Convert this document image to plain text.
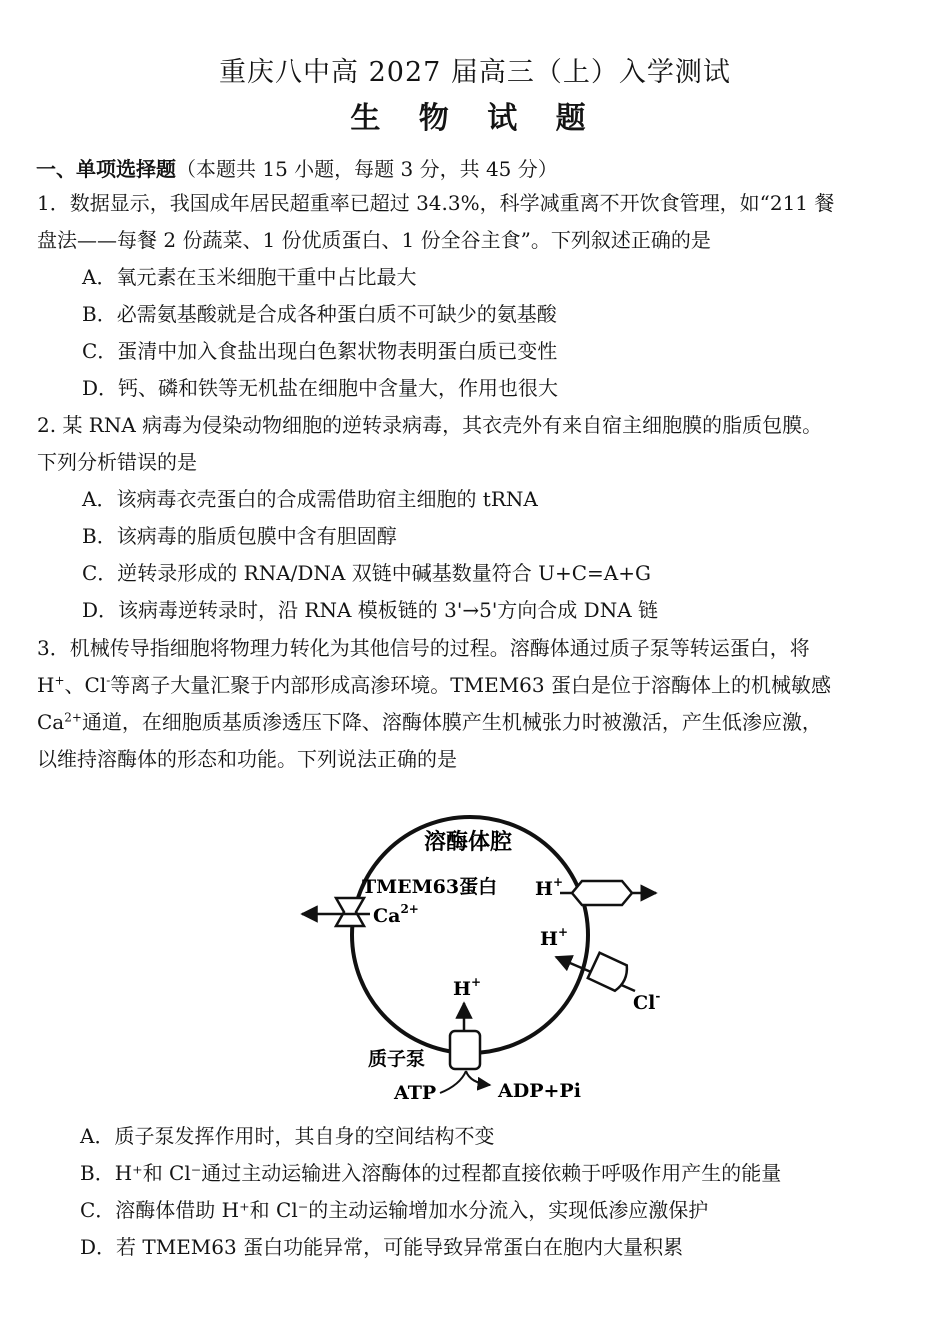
重庆八中高 2027 届高三（上）入学测试
生 物 试 题
一、单项选择题（本题共 15 小题，每题 3 分，共 45 分）
1．数据显示，我国成年居民超重率已超过 34.3%，科学减重离不开饮食管理，如“211 餐
盘法——每餐 2 份蔬菜、1 份优质蛋白、1 份全谷主食”。下列叙述正确的是
A．氧元素在玉米细胞干重中占比最大
B．必需氨基酸就是合成各种蛋白质不可缺少的氨基酸
C．蛋清中加入食盐出现白色絮状物表明蛋白质已变性
D．钙、磷和铁等无机盐在细胞中含量大，作用也很大
2. 某 RNA 病毒为侵染动物细胞的逆转录病毒，其衣壳外有来自宿主细胞膜的脂质包膜。
下列分析错误的是
A．该病毒衣壳蛋白的合成需借助宿主细胞的 tRNA
B．该病毒的脂质包膜中含有胆固醇
C．逆转录形成的 RNA/DNA 双链中碱基数量符合 U+C=A+G
D．该病毒逆转录时，沿 RNA 模板链的 3'→5'方向合成 DNA 链
3．机械传导指细胞将物理力转化为其他信号的过程。溶酶体通过质子泵等转运蛋白，将
H+、Cl-等离子大量汇聚于内部形成高渗环境。TMEM63 蛋白是位于溶酶体上的机械敏感
$Ca^{2+}$通道，在细胞质基质渗透压下降、溶酶体膜产生机械张力时被激活，产生低渗应激，
以维持溶酶体的形态和功能。下列说法正确的是
溶酶体腔
TMEM63蛋白
$Ca^{2+}$
H+
H+
Cl-
H+
质子泵
ATP	ADP+Pi
A．质子泵发挥作用时，其自身的空间结构不变
B．H⁺和 Cl⁻通过主动运输进入溶酶体的过程都直接依赖于呼吸作用产生的能量
C．溶酶体借助 H⁺和 Cl⁻的主动运输增加水分流入，实现低渗应激保护
D．若 TMEM63 蛋白功能异常，可能导致异常蛋白在胞内大量积累
